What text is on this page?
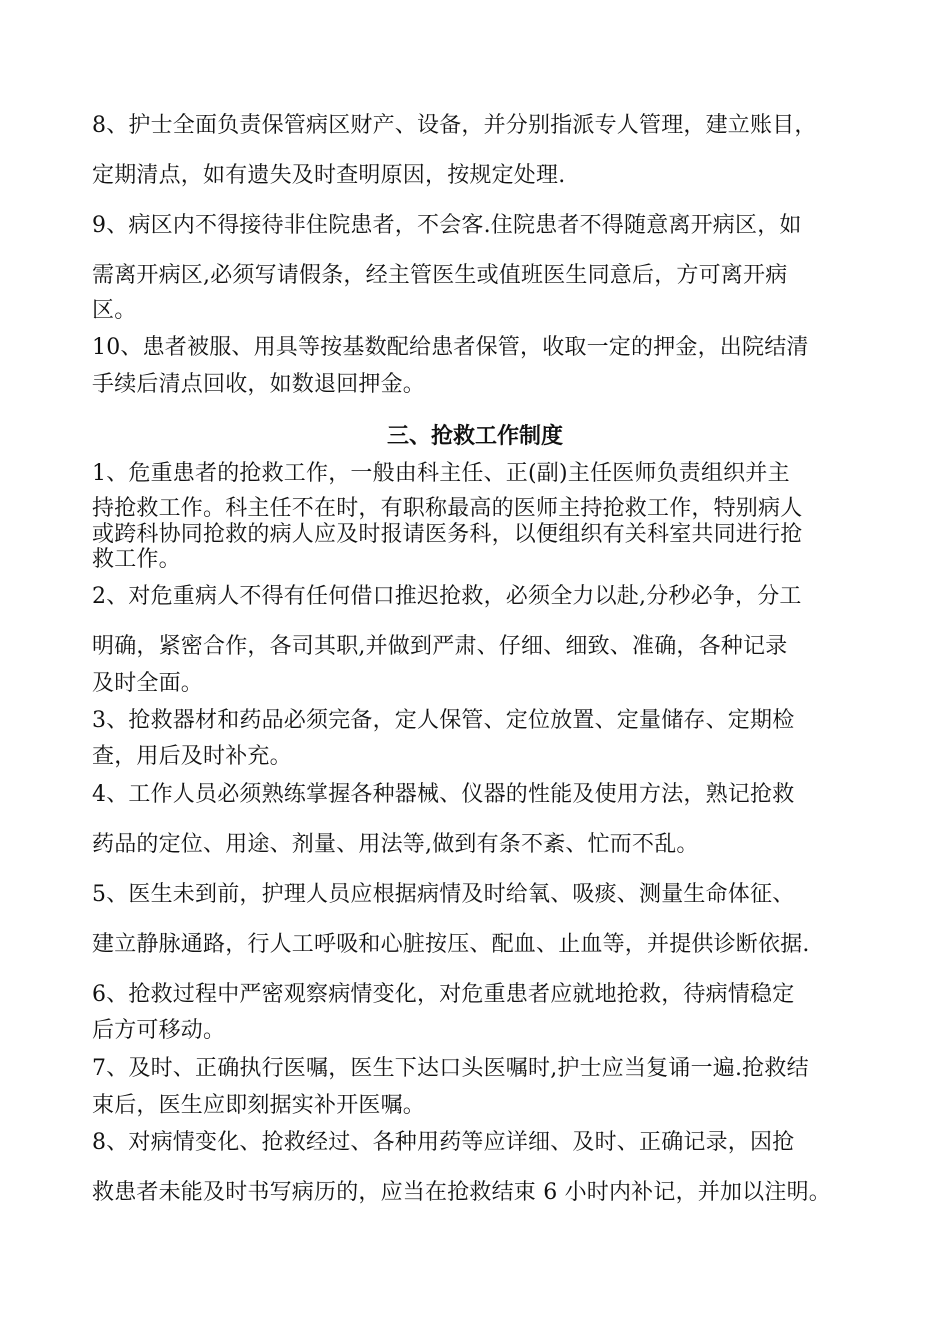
8、护士全面负责保管病区财产、设备，并分别指派专人管理，建立账目，
定期清点，如有遗失及时查明原因，按规定处理.
9、病区内不得接待非住院患者，不会客.住院患者不得随意离开病区，如
需离开病区,必须写请假条，经主管医生或值班医生同意后，方可离开病
区。
10、患者被服、用具等按基数配给患者保管，收取一定的押金，出院结清
手续后清点回收，如数退回押金。
三、抢救工作制度
1、危重患者的抢救工作，一般由科主任、正(副)主任医师负责组织并主
持抢救工作。科主任不在时，有职称最高的医师主持抢救工作，特别病人
或跨科协同抢救的病人应及时报请医务科，以便组织有关科室共同进行抢
救工作。
2、对危重病人不得有任何借口推迟抢救，必须全力以赴,分秒必争，分工
明确，紧密合作，各司其职,并做到严肃、仔细、细致、准确，各种记录
及时全面。
3、抢救器材和药品必须完备，定人保管、定位放置、定量储存、定期检
查，用后及时补充。
4、工作人员必须熟练掌握各种器械、仪器的性能及使用方法，熟记抢救
药品的定位、用途、剂量、用法等,做到有条不紊、忙而不乱。
5、医生未到前，护理人员应根据病情及时给氧、吸痰、测量生命体征、
建立静脉通路，行人工呼吸和心脏按压、配血、止血等，并提供诊断依据.
6、抢救过程中严密观察病情变化，对危重患者应就地抢救，待病情稳定
后方可移动。
7、及时、正确执行医嘱，医生下达口头医嘱时,护士应当复诵一遍.抢救结
束后，医生应即刻据实补开医嘱。
8、对病情变化、抢救经过、各种用药等应详细、及时、正确记录，因抢
救患者未能及时书写病历的，应当在抢救结束 6 小时内补记，并加以注明。
